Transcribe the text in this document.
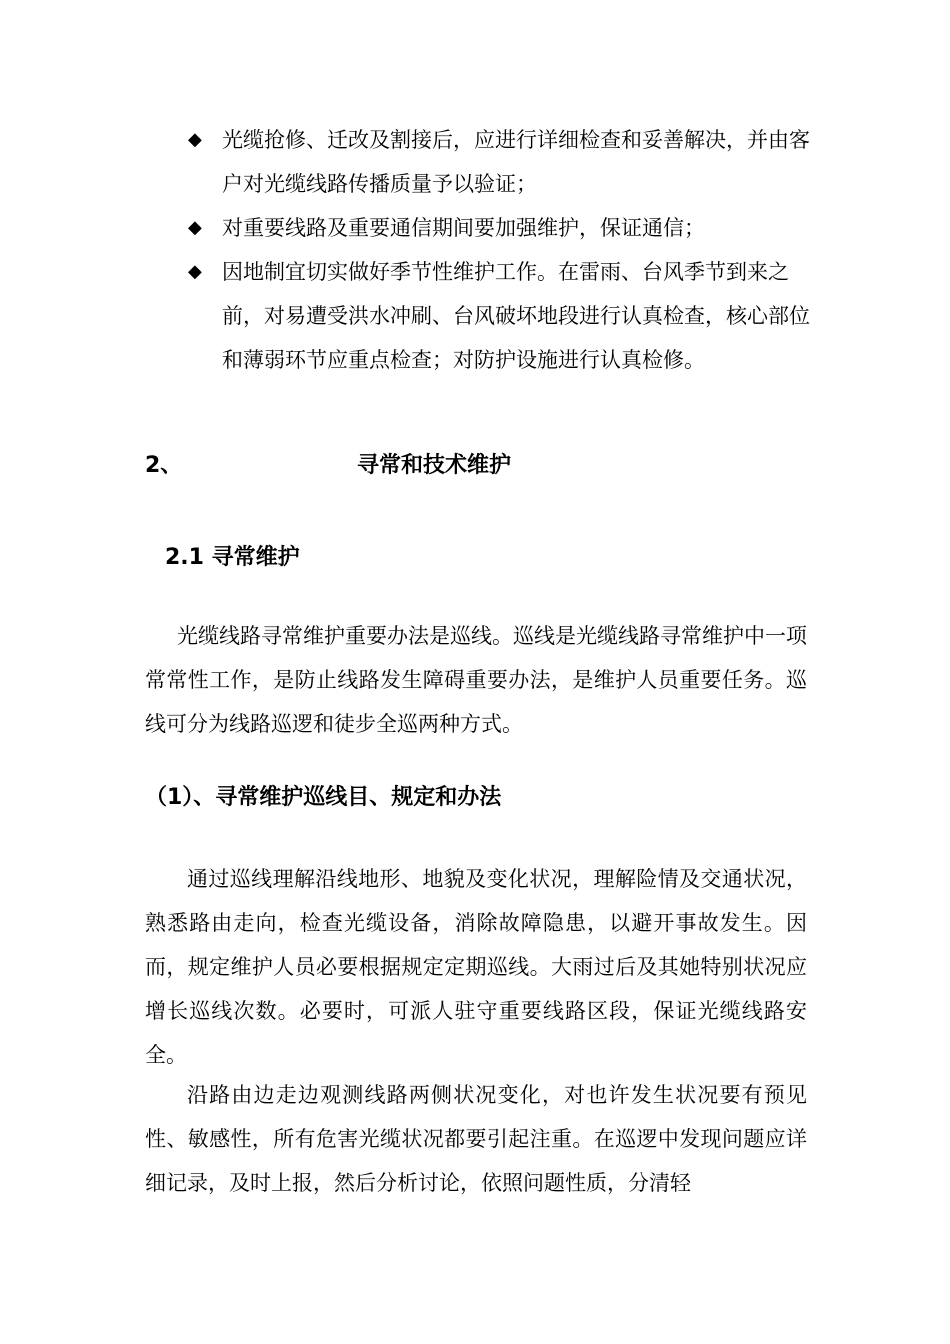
◆ 光缆抢修、迁改及割接后，应进行详细检查和妥善解决，并由客户对光缆线路传播质量予以验证；

◆ 对重要线路及重要通信期间要加强维护，保证通信；

◆ 因地制宜切实做好季节性维护工作。在雷雨、台风季节到来之前，对易遭受洪水冲刷、台风破坏地段进行认真检查，核心部位和薄弱环节应重点检查；对防护设施进行认真检修。

2、	寻常和技术维护
2.1 寻常维护

光缆线路寻常维护重要办法是巡线。巡线是光缆线路寻常维护中一项常常性工作，是防止线路发生障碍重要办法，是维护人员重要任务。巡线可分为线路巡逻和徒步全巡两种方式。

（1）、寻常维护巡线目、规定和办法

通过巡线理解沿线地形、地貌及变化状况，理解险情及交通状况，熟悉路由走向，检查光缆设备，消除故障隐患，以避开事故发生。因而，规定维护人员必要根据规定定期巡线。大雨过后及其她特别状况应增长巡线次数。必要时，可派人驻守重要线路区段，保证光缆线路安全。

沿路由边走边观测线路两侧状况变化，对也许发生状况要有预见性、敏感性，所有危害光缆状况都要引起注重。在巡逻中发现问题应详细记录，及时上报，然后分析讨论，依照问题性质，分清轻
